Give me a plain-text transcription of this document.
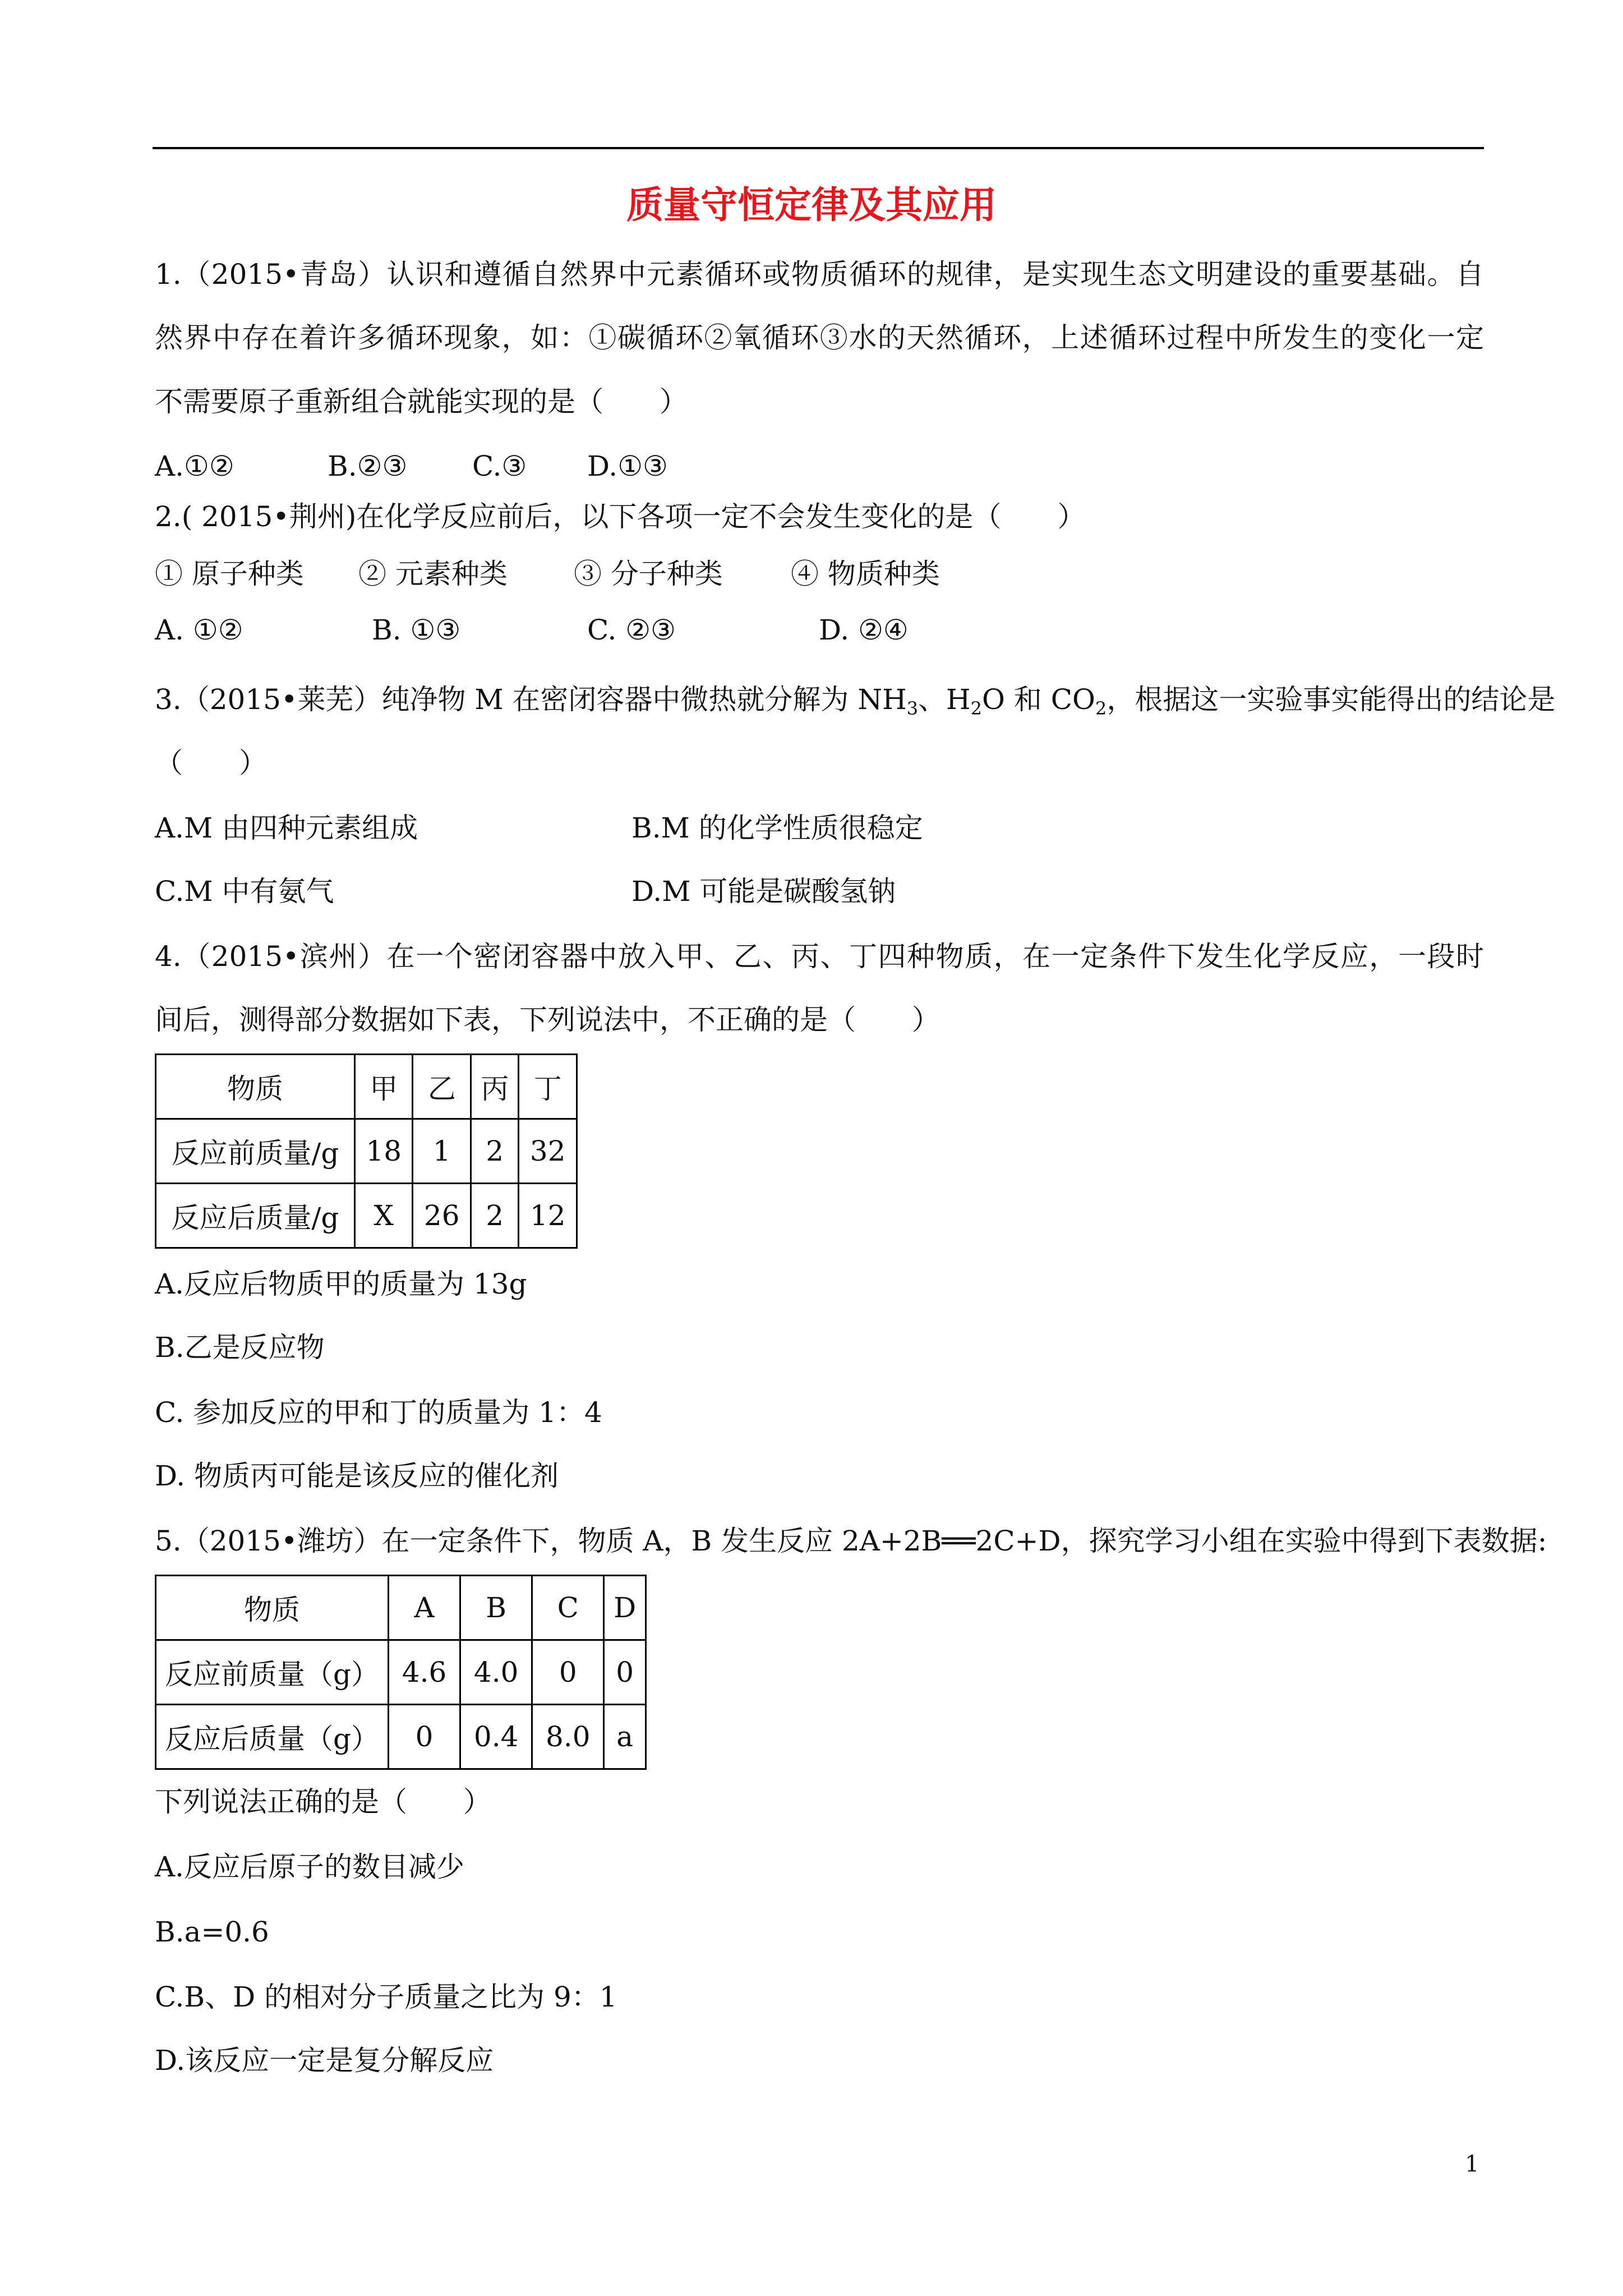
质量守恒定律及其应用
1.（2015•青岛）认识和遵循自然界中元素循环或物质循环的规律，是实现生态文明建设的重要基础。自
然界中存在着许多循环现象，如：①碳循环②氧循环③水的天然循环，上述循环过程中所发生的变化一定
不需要原子重新组合就能实现的是（　　）
A.①②	B.②③ C.③ D.①③
2.( 2015•荆州)在化学反应前后，以下各项一定不会发生变化的是（　　）
① 原子种类 ② 元素种类 ③ 分子种类 ④ 物质种类
A. ①②	B. ①③	C. ②③	D. ②④
3.（2015•莱芜）纯净物 M 在密闭容器中微热就分解为 $NH_3$、$H_2O$ 和 $CO_2$，根据这一实验事实能得出的结论是
（　　）
A.M 由四种元素组成	B.M 的化学性质很稳定
C.M 中有氨气	D.M 可能是碳酸氢钠
4.（2015•滨州）在一个密闭容器中放入甲、乙、丙、丁四种物质，在一定条件下发生化学反应，一段时
间后，测得部分数据如下表，下列说法中，不正确的是（　　）
物质	甲	乙	丙	丁
反应前质量/g	18	1	2	32
反应后质量/g	X	26	2	12
A.反应后物质甲的质量为 13g
B.乙是反应物
C. 参加反应的甲和丁的质量为 1：4
D. 物质丙可能是该反应的催化剂
5.（2015•潍坊）在一定条件下，物质 A，B 发生反应 2A+2B══2C+D，探究学习小组在实验中得到下表数据:
物质	A	B	C	D
反应前质量（g）	4.6	4.0	0	0
反应后质量（g）	0	0.4	8.0	a
下列说法正确的是（　　）
A.反应后原子的数目减少
B.a=0.6
C.B、D 的相对分子质量之比为 9：1
D.该反应一定是复分解反应
1
